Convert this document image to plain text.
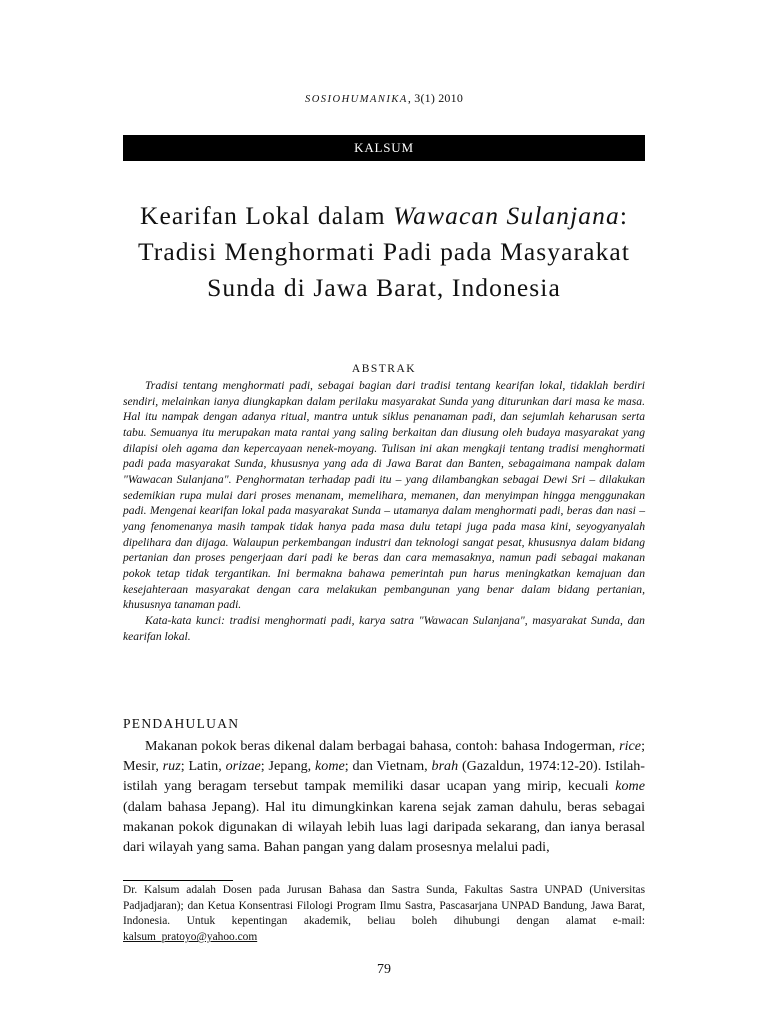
SOSIOHUMANIKA, 3(1) 2010
KALSUM
Kearifan Lokal dalam Wawacan Sulanjana: Tradisi Menghormati Padi pada Masyarakat Sunda di Jawa Barat, Indonesia
ABSTRAK

Tradisi tentang menghormati padi, sebagai bagian dari tradisi tentang kearifan lokal, tidaklah berdiri sendiri, melainkan ianya diungkapkan dalam perilaku masyarakat Sunda yang diturunkan dari masa ke masa. Hal itu nampak dengan adanya ritual, mantra untuk siklus penanaman padi, dan sejumlah keharusan serta tabu. Semuanya itu merupakan mata rantai yang saling berkaitan dan diusung oleh budaya masyarakat yang dilapisi oleh agama dan kepercayaan nenek-moyang. Tulisan ini akan mengkaji tentang tradisi menghormati padi pada masyarakat Sunda, khususnya yang ada di Jawa Barat dan Banten, sebagaimana nampak dalam "Wawacan Sulanjana". Penghormatan terhadap padi itu – yang dilambangkan sebagai Dewi Sri – dilakukan sedemikian rupa mulai dari proses menanam, memelihara, memanen, dan menyimpan hingga menggunakan padi. Mengenai kearifan lokal pada masyarakat Sunda – utamanya dalam menghormati padi, beras dan nasi – yang fenomenanya masih tampak tidak hanya pada masa dulu tetapi juga pada masa kini, seyogyanyalah dipelihara dan dijaga. Walaupun perkembangan industri dan teknologi sangat pesat, khususnya dalam bidang pertanian dan proses pengerjaan dari padi ke beras dan cara memasaknya, namun padi sebagai makanan pokok tetap tidak tergantikan. Ini bermakna bahawa pemerintah pun harus meningkatkan kemajuan dan kesejahteraan masyarakat dengan cara melakukan pembangunan yang benar dalam bidang pertanian, khususnya tanaman padi.

Kata-kata kunci: tradisi menghormati padi, karya satra "Wawacan Sulanjana", masyarakat Sunda, dan kearifan lokal.

PENDAHULUAN

Makanan pokok beras dikenal dalam berbagai bahasa, contoh: bahasa Indogerman, rice; Mesir, ruz; Latin, orizae; Jepang, kome; dan Vietnam, brah (Gazaldun, 1974:12-20). Istilah-istilah yang beragam tersebut tampak memiliki dasar ucapan yang mirip, kecuali kome (dalam bahasa Jepang). Hal itu dimungkinkan karena sejak zaman dahulu, beras sebagai makanan pokok digunakan di wilayah lebih luas lagi daripada sekarang, dan ianya berasal dari wilayah yang sama. Bahan pangan yang dalam prosesnya melalui padi,

Dr. Kalsum adalah Dosen pada Jurusan Bahasa dan Sastra Sunda, Fakultas Sastra UNPAD (Universitas Padjadjaran); dan Ketua Konsentrasi Filologi Program Ilmu Sastra, Pascasarjana UNPAD Bandung, Jawa Barat, Indonesia. Untuk kepentingan akademik, beliau boleh dihubungi dengan alamat e-mail: kalsum_pratoyo@yahoo.com

79
